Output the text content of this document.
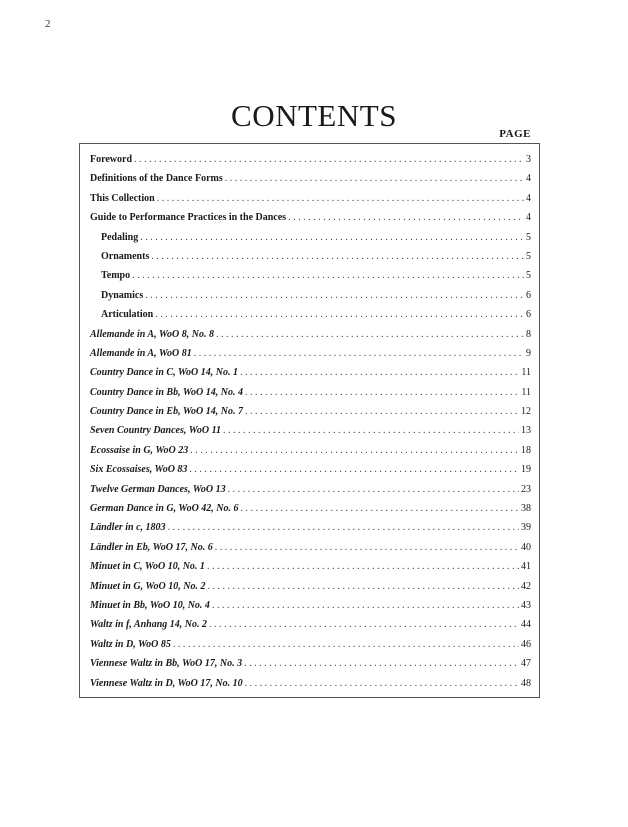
2
CONTENTS
PAGE
Foreword . . .	3
Definitions of the Dance Forms . . .	4
This Collection . . .	4
Guide to Performance Practices in the Dances . . .	4
Pedaling . . .	5
Ornaments . . .	5
Tempo . . .	5
Dynamics . . .	6
Articulation . . .	6
Allemande in A, WoO 8, No. 8 . . .	8
Allemande in A, WoO 81 . . .	9
Country Dance in C, WoO 14, No. 1 . . .	11
Country Dance in Bb, WoO 14, No. 4 . . .	11
Country Dance in Eb, WoO 14, No. 7 . . .	12
Seven Country Dances, WoO 11 . . .	13
Ecossaise in G, WoO 23 . . .	18
Six Ecossaises, WoO 83 . . .	19
Twelve German Dances, WoO 13 . . .	23
German Dance in G, WoO 42, No. 6 . . .	38
Ländler in c, 1803 . . .	39
Ländler in Eb, WoO 17, No. 6 . . .	40
Minuet in C, WoO 10, No. 1 . . .	41
Minuet in G, WoO 10, No. 2 . . .	42
Minuet in Bb, WoO 10, No. 4 . . .	43
Waltz in f, Anhang 14, No. 2 . . .	44
Waltz in D, WoO 85 . . .	46
Viennese Waltz in Bb, WoO 17, No. 3 . . .	47
Viennese Waltz in D, WoO 17, No. 10 . . .	48
